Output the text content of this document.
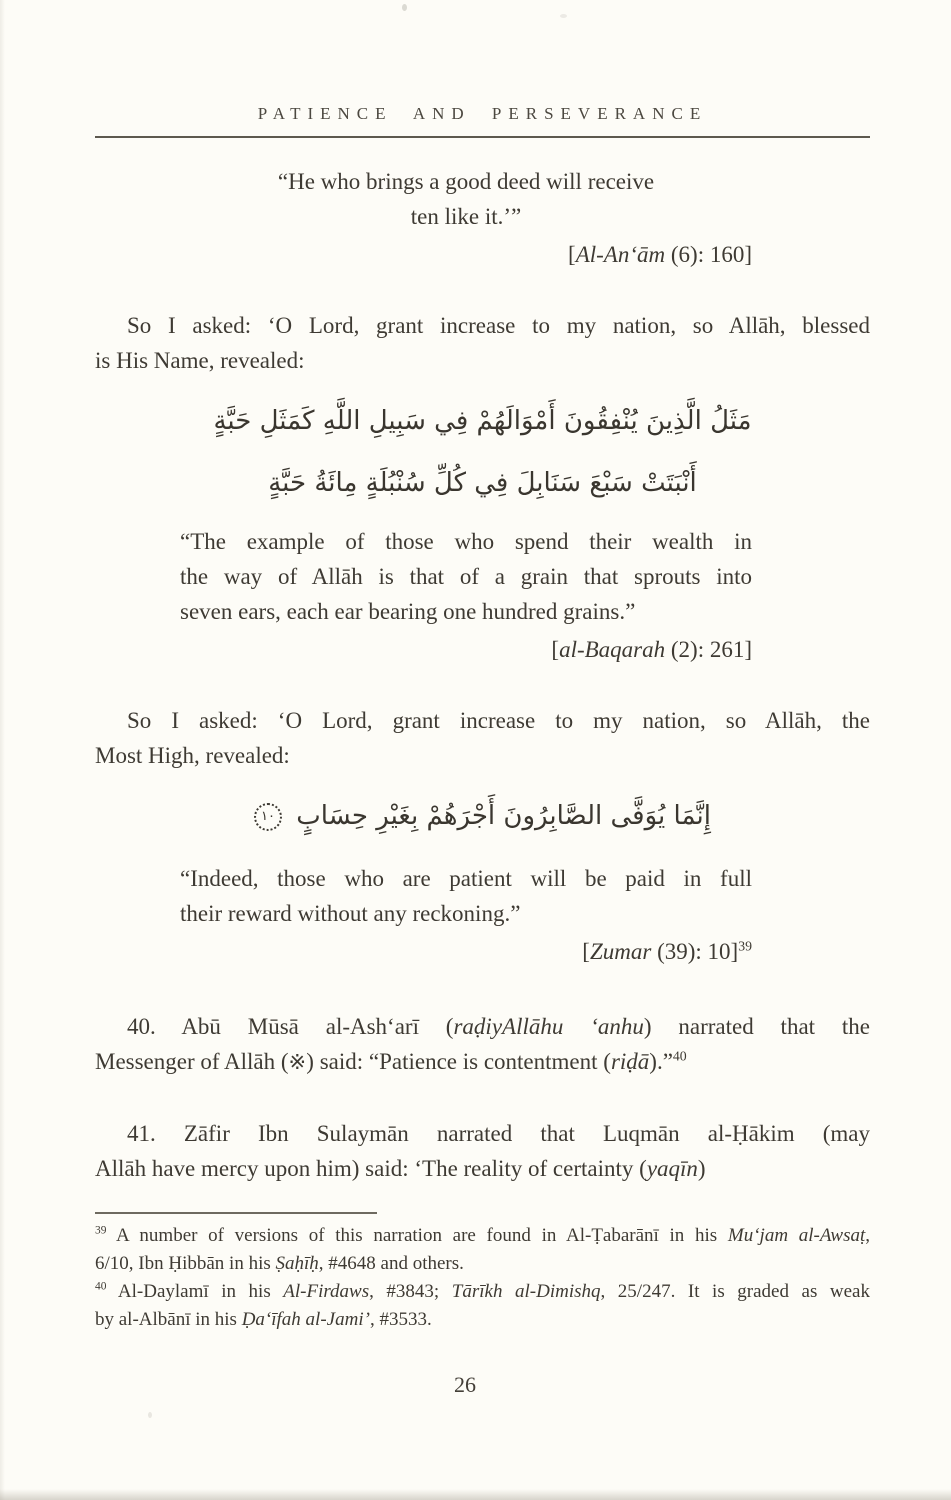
PATIENCE AND PERSEVERANCE
“He who brings a good deed will receive
ten like it.’”
[Al-An‘ām (6): 160]
So I asked: ‘O Lord, grant increase to my nation, so Allāh, blessed
is His Name, revealed:
مَثَلُ الَّذِينَ يُنْفِقُونَ أَمْوَالَهُمْ فِي سَبِيلِ اللَّهِ كَمَثَلِ حَبَّةٍ
أَنْبَتَتْ سَبْعَ سَنَابِلَ فِي كُلِّ سُنْبُلَةٍ مِائَةُ حَبَّةٍ
“The example of those who spend their wealth in
the way of Allāh is that of a grain that sprouts into
seven ears, each ear bearing one hundred grains.”
[al-Baqarah (2): 261]
So I asked: ‘O Lord, grant increase to my nation, so Allāh, the
Most High, revealed:
إِنَّمَا يُوَفَّى الصَّابِرُونَ أَجْرَهُمْ بِغَيْرِ حِسَابٍ ١٠
“Indeed, those who are patient will be paid in full
their reward without any reckoning.”
[Zumar (39): 10]$^{39}$
40. Abū Mūsā al-Ash‘arī (raḍiyAllāhu ‘anhu) narrated that the
Messenger of Allāh (※) said: “Patience is contentment (riḍā).”$^{40}$
41. Zāfir Ibn Sulaymān narrated that Luqmān al-Ḥākim (may
Allāh have mercy upon him) said: ‘The reality of certainty (yaqīn)
$^{39}$ A number of versions of this narration are found in Al-Ṭabarānī in his Mu‘jam al-Awsaṭ,
6/10, Ibn Ḥibbān in his Ṣaḥīḥ, #4648 and others.
$^{40}$ Al-Daylamī in his Al-Firdaws, #3843; Tārīkh al-Dimishq, 25/247. It is graded as weak
by al-Albānī in his Ḍa‘īfah al-Jami’, #3533.
26
